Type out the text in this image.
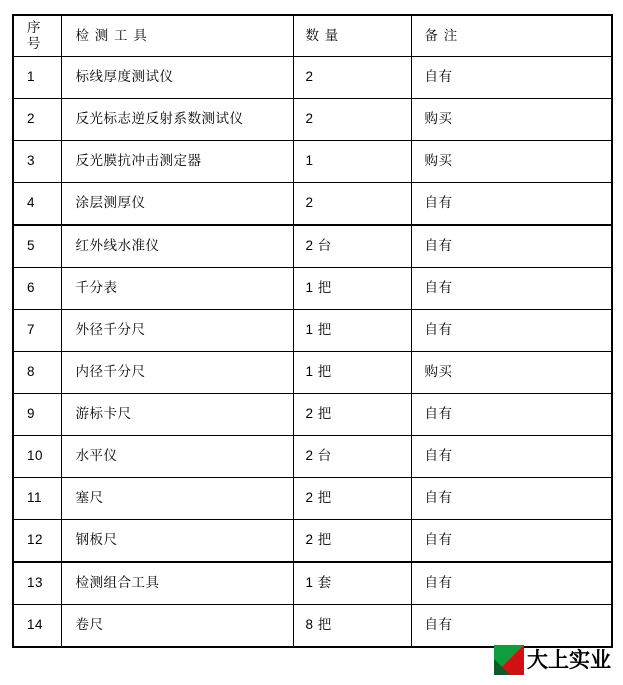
序 号	检 测 工 具	数 量	备 注
1	标线厚度测试仪	2	自有
2	反光标志逆反射系数测试仪	2	购买
3	反光膜抗冲击测定器	1	购买
4	涂层测厚仪	2	自有
5	红外线水准仪	2 台	自有
6	千分表	1 把	自有
7	外径千分尺	1 把	自有
8	内径千分尺	1 把	购买
9	游标卡尺	2 把	自有
10	水平仪	2 台	自有
11	塞尺	2 把	自有
12	钢板尺	2 把	自有
13	检测组合工具	1 套	自有
14	卷尺	8 把	自有
大上实业
